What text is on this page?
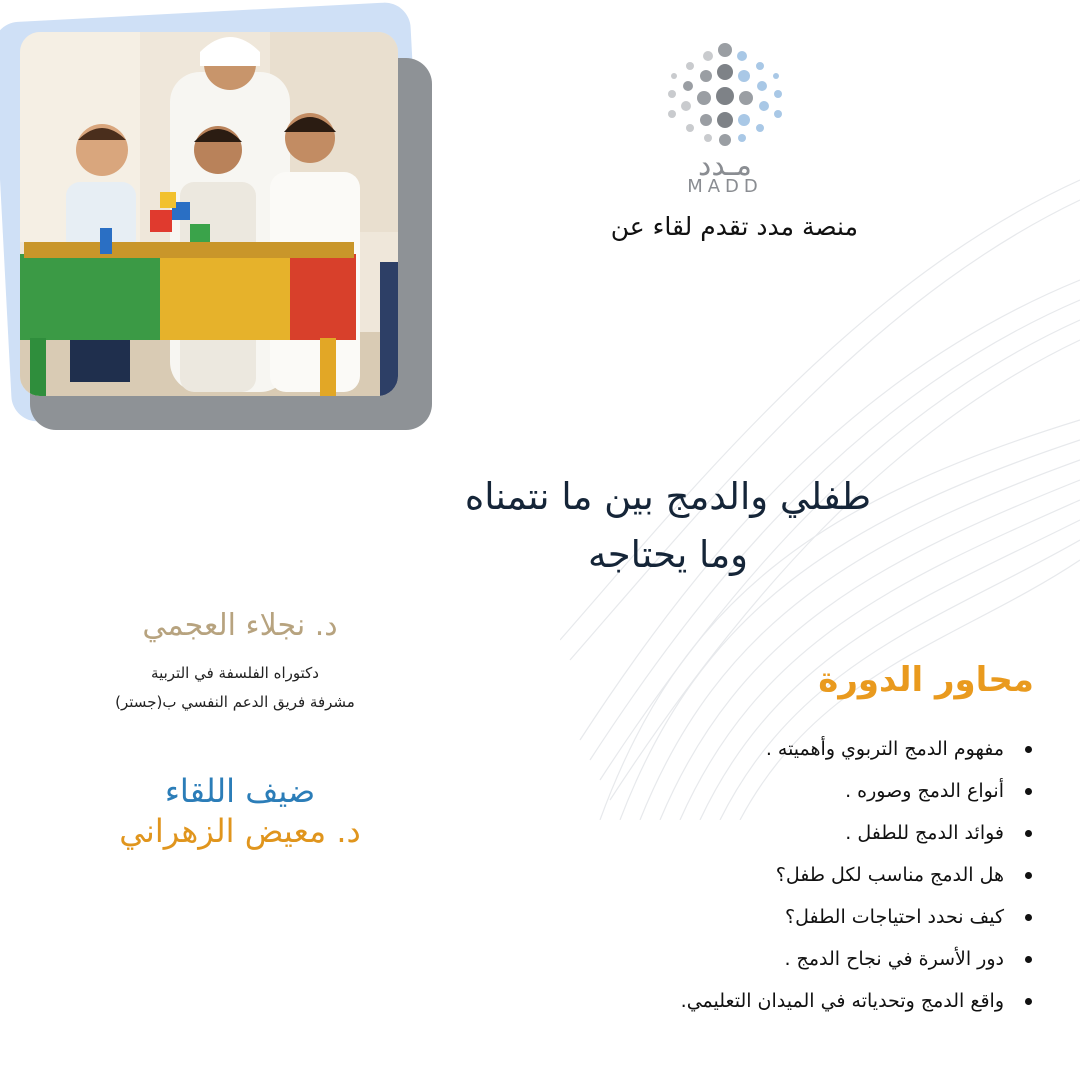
مـدد
MADD
منصة مدد تقدم لقاء عن
طفلي والدمج بين ما نتمناه
وما يحتاجه
د. نجلاء العجمي
دكتوراه الفلسفة في التربية
مشرفة فريق الدعم النفسي ب(جستر)
ضيف اللقاء
د. معيض الزهراني
محاور الدورة
مفهوم الدمج التربوي وأهميته .
أنواع الدمج وصوره .
فوائد الدمج للطفل .
هل الدمج مناسب لكل طفل؟
كيف نحدد احتياجات الطفل؟
دور الأسرة في نجاح الدمج .
واقع الدمج وتحدياته في الميدان التعليمي.
